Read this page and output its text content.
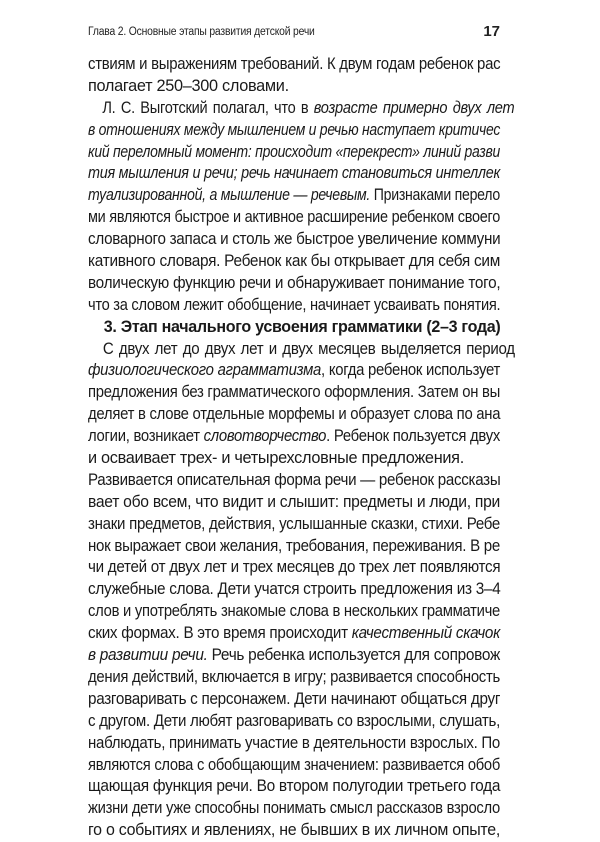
Глава 2. Основные этапы развития детской речи	17
ствиям и выражениям требований. К двум годам ребенок рас
полагает 250–300 словами.
Л. С. Выготский полагал, что в возрасте примерно двух лет
в отношениях между мышлением и речью наступает критичес
кий переломный момент: происходит «перекрест» линий разви
тия мышления и речи; речь начинает становиться интеллек
туализированной, а мышление — речевым. Признаками перело
ми являются быстрое и активное расширение ребенком своего
словарного запаса и столь же быстрое увеличение коммуни
кативного словаря. Ребенок как бы открывает для себя сим
волическую функцию речи и обнаруживает понимание того,
что за словом лежит обобщение, начинает усваивать понятия.
3. Этап начального усвоения грамматики (2–3 года)
С двух лет до двух лет и двух месяцев выделяется период
физиологического аграмматизма, когда ребенок использует
предложения без грамматического оформления. Затем он вы
деляет в слове отдельные морфемы и образует слова по ана
логии, возникает словотворчество. Ребенок пользуется двух
и осваивает трех- и четырехсловные предложения.
Развивается описательная форма речи — ребенок рассказы
вает обо всем, что видит и слышит: предметы и люди, при
знаки предметов, действия, услышанные сказки, стихи. Ребе
нок выражает свои желания, требования, переживания. В ре
чи детей от двух лет и трех месяцев до трех лет появляются
служебные слова. Дети учатся строить предложения из 3–4
слов и употреблять знакомые слова в нескольких грамматиче
ских формах. В это время происходит качественный скачок
в развитии речи. Речь ребенка используется для сопровож
дения действий, включается в игру; развивается способность
разговаривать с персонажем. Дети начинают общаться друг
с другом. Дети любят разговаривать со взрослыми, слушать,
наблюдать, принимать участие в деятельности взрослых. По
являются слова с обобщающим значением: развивается обоб
щающая функция речи. Во втором полугодии третьего года
жизни дети уже способны понимать смысл рассказов взросло
го о событиях и явлениях, не бывших в их личном опыте,
